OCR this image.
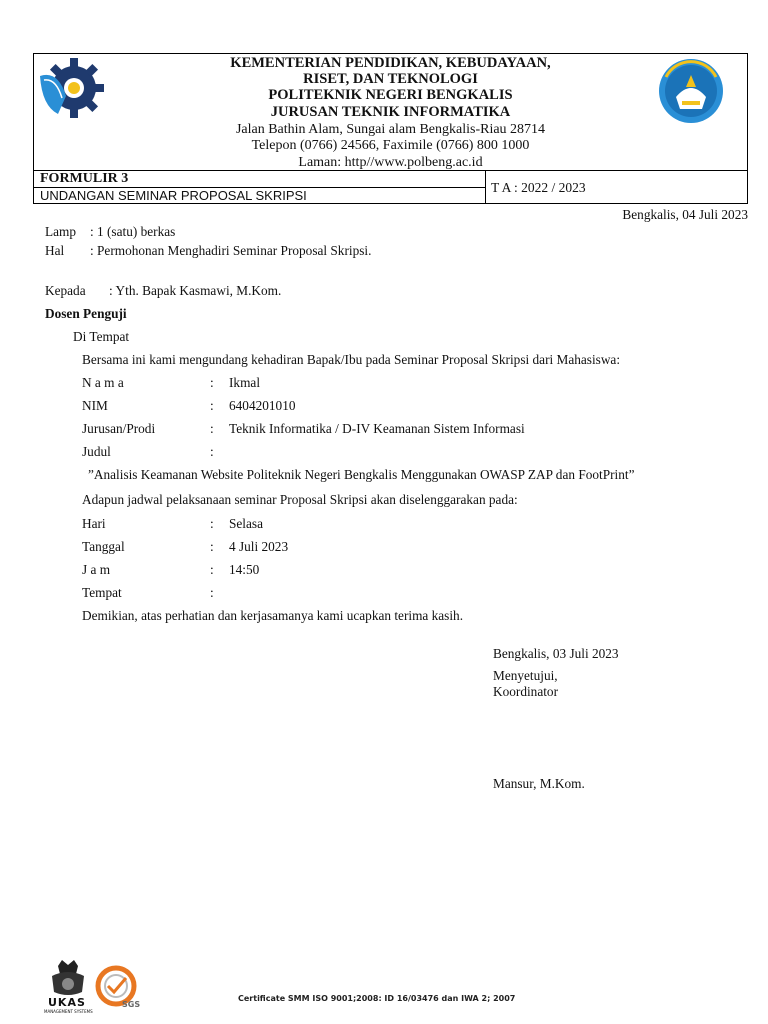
KEMENTERIAN PENDIDIKAN, KEBUDAYAAN,
RISET, DAN TEKNOLOGI
POLITEKNIK NEGERI BENGKALIS
JURUSAN TEKNIK INFORMATIKA
Jalan Bathin Alam, Sungai alam Bengkalis-Riau 28714
Telepon (0766) 24566, Faximile (0766) 800 1000
Laman: http//www.polbeng.ac.id
FORMULIR 3
UNDANGAN SEMINAR PROPOSAL SKRIPSI
T A : 2022 / 2023
Bengkalis, 04 Juli 2023
Lamp : 1 (satu) berkas
Hal : Permohonan Menghadiri Seminar Proposal Skripsi.
Kepada : Yth. Bapak Kasmawi, M.Kom.
Dosen Penguji
Di Tempat
Bersama ini kami mengundang kehadiran Bapak/Ibu pada Seminar Proposal Skripsi dari Mahasiswa:
N a m a	: Ikmal
NIM	: 6404201010
Jurusan/Prodi	: Teknik Informatika / D-IV Keamanan Sistem Informasi
Judul	:
”Analisis Keamanan Website Politeknik Negeri Bengkalis Menggunakan OWASP ZAP dan FootPrint”
Adapun jadwal pelaksanaan seminar Proposal Skripsi akan diselenggarakan pada:
Hari	: Selasa
Tanggal	: 4 Juli 2023
J a m	: 14:50
Tempat	:
Demikian, atas perhatian dan kerjasamanya kami ucapkan terima kasih.
Bengkalis, 03 Juli 2023
Menyetujui,
Koordinator
Mansur, M.Kom.
UKAS
MANAGEMENT SYSTEMS
SGS
Certificate SMM ISO 9001;2008: ID 16/03476 dan IWA 2; 2007
